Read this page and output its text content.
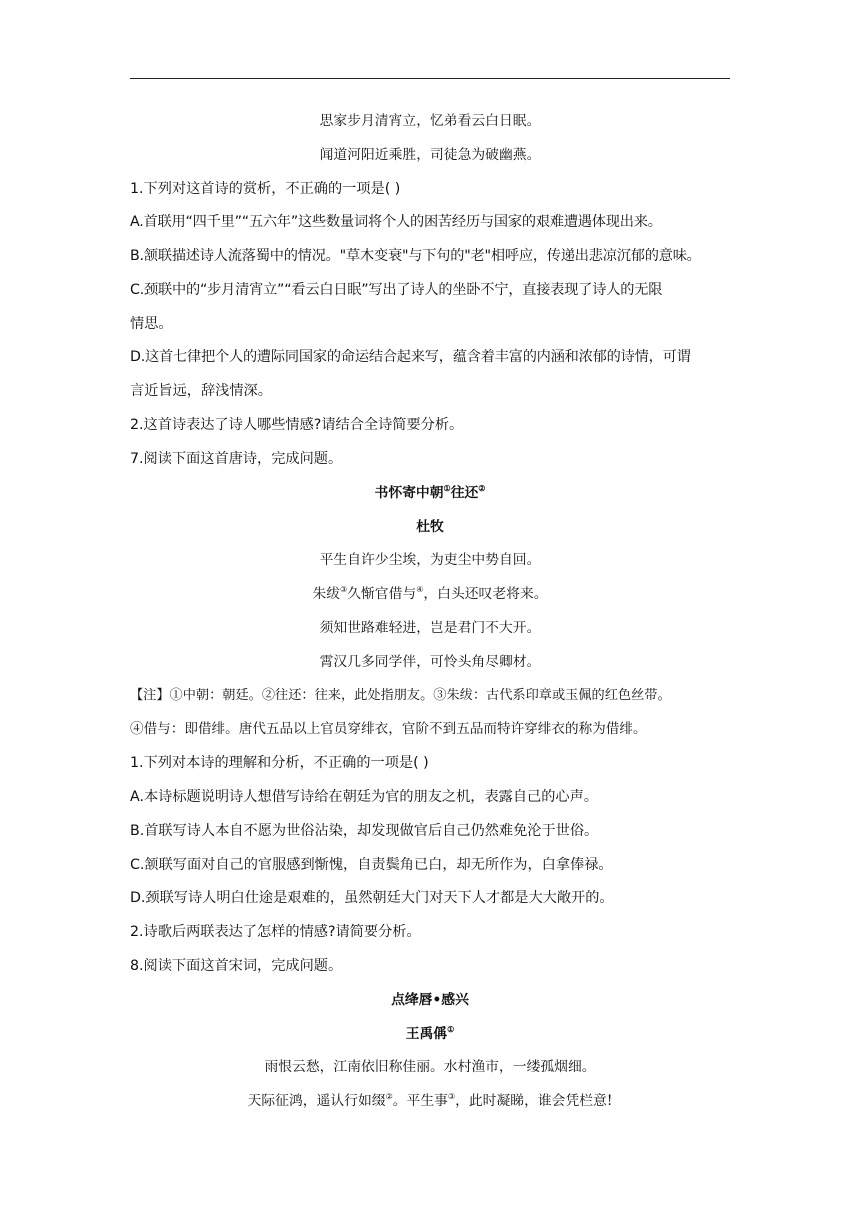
思家步月清宵立，忆弟看云白日眠。
闻道河阳近乘胜，司徒急为破幽燕。
1.下列对这首诗的赏析，不正确的一项是( )
A.首联用“四千里”“五六年”这些数量词将个人的困苦经历与国家的艰难遭遇体现出来。
B.颔联描述诗人流落蜀中的情况。"草木变衰"与下句的"老"相呼应，传递出悲凉沉郁的意味。
C.颈联中的“步月清宵立”“看云白日眠”写出了诗人的坐卧不宁，直接表现了诗人的无限
情思。
D.这首七律把个人的遭际同国家的命运结合起来写，蕴含着丰富的内涵和浓郁的诗情，可谓
言近旨远，辞浅情深。
2.这首诗表达了诗人哪些情感?请结合全诗简要分析。
7.阅读下面这首唐诗，完成问题。
书怀寄中朝①往还②
杜牧
平生自许少尘埃，为吏尘中势自回。
朱绂③久惭官借与④，白头还叹老将来。
须知世路难轻进，岂是君门不大开。
霄汉几多同学伴，可怜头角尽卿材。
【注】①中朝：朝廷。②往还：往来，此处指朋友。③朱绂：古代系印章或玉佩的红色丝带。
④借与：即借绯。唐代五品以上官员穿绯衣，官阶不到五品而特许穿绯衣的称为借绯。
1.下列对本诗的理解和分析，不正确的一项是( )
A.本诗标题说明诗人想借写诗给在朝廷为官的朋友之机，表露自己的心声。
B.首联写诗人本自不愿为世俗沾染，却发现做官后自己仍然难免沦于世俗。
C.颔联写面对自己的官服感到惭愧，自责鬓角已白，却无所作为，白拿俸禄。
D.颈联写诗人明白仕途是艰难的，虽然朝廷大门对天下人才都是大大敞开的。
2.诗歌后两联表达了怎样的情感?请简要分析。
8.阅读下面这首宋词，完成问题。
点绛唇•感兴
王禹偁①
雨恨云愁，江南依旧称佳丽。水村渔市，一缕孤烟细。
天际征鸿，遥认行如缀②。平生事③，此时凝睇，谁会凭栏意!
